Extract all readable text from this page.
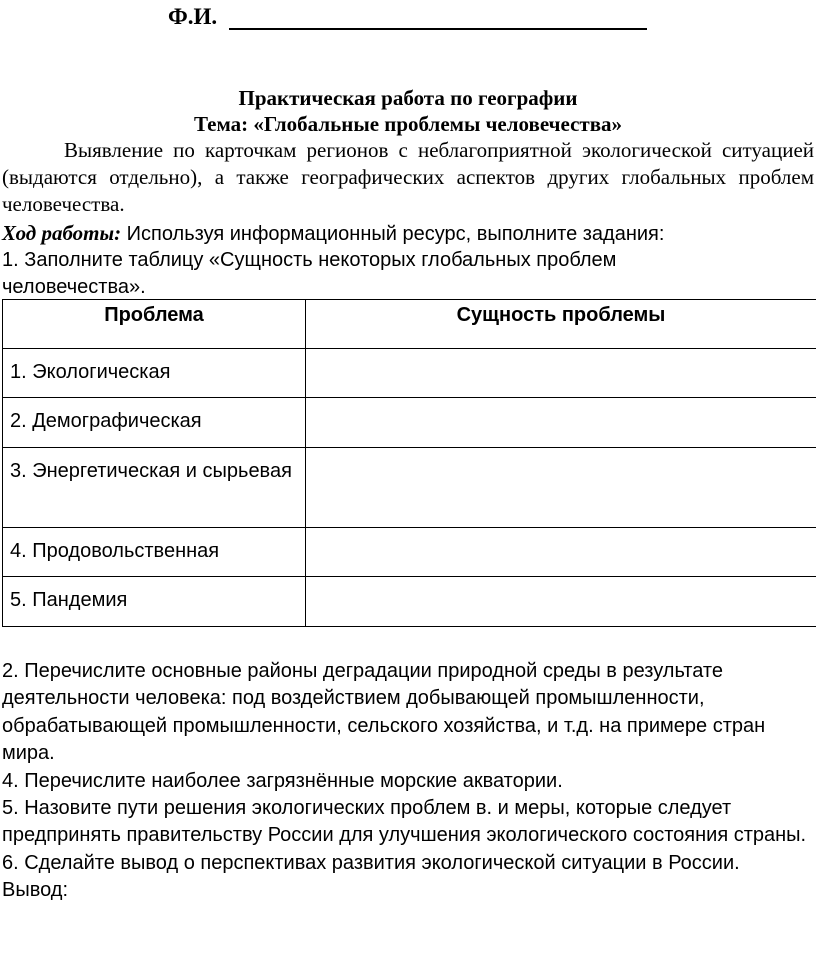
Ф.И.
Практическая работа по географии
Тема: «Глобальные проблемы человечества»
Выявление по карточкам регионов с неблагоприятной экологической ситуацией (выдаются отдельно), а также географических аспектов других глобальных проблем человечества.
Ход работы: Используя информационный ресурс, выполните задания:
1. Заполните таблицу «Сущность некоторых глобальных проблем человечества».
Проблема	Сущность проблемы
1. Экологическая	
2. Демографическая	
3. Энергетическая и сырьевая	
4. Продовольственная	
5. Пандемия	

2. Перечислите основные районы деградации природной среды в результате деятельности человека: под воздействием добывающей промышленности, обрабатывающей промышленности, сельского хозяйства, и т.д. на примере стран мира.

4. Перечислите наиболее загрязнённые морские акватории.

5. Назовите пути решения экологических проблем в. и меры, которые следует предпринять правительству России для улучшения экологического состояния страны.

6. Сделайте вывод о перспективах развития экологической ситуации в России.

Вывод:
